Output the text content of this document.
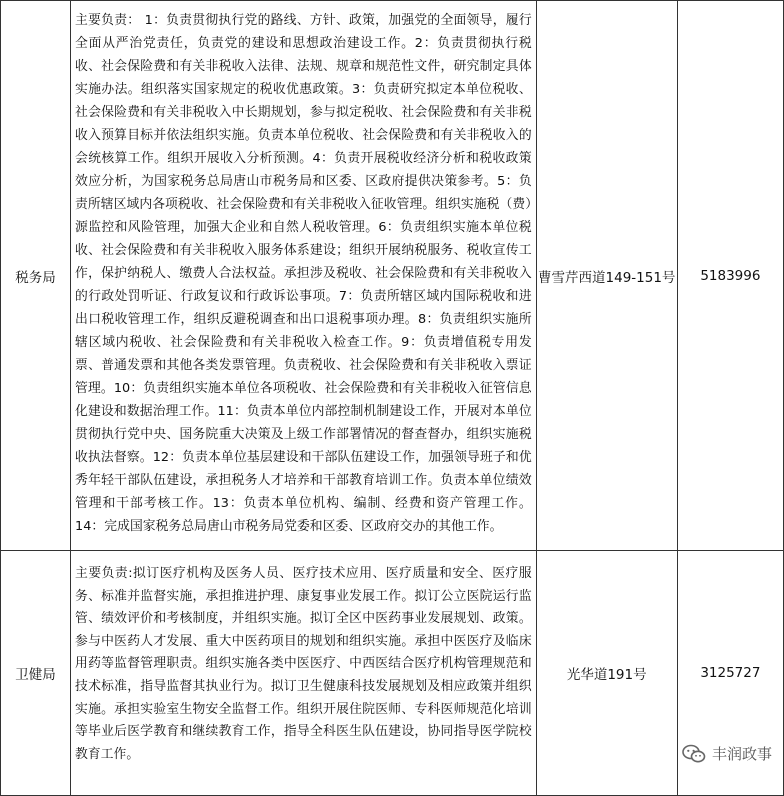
税务局	主要负责： 1：负责贯彻执行党的路线、方针、政策，加强党的全面领导，履行全面从严治党责任，负责党的建设和思想政治建设工作。2：负责贯彻执行税收、社会保险费和有关非税收入法律、法规、规章和规范性文件，研究制定具体实施办法。组织落实国家规定的税收优惠政策。3：负责研究拟定本单位税收、社会保险费和有关非税收入中长期规划，参与拟定税收、社会保险费和有关非税收入预算目标并依法组织实施。负责本单位税收、社会保险费和有关非税收入的会统核算工作。组织开展收入分析预测。4：负责开展税收经济分析和税收政策效应分析，为国家税务总局唐山市税务局和区委、区政府提供决策参考。5：负责所辖区域内各项税收、社会保险费和有关非税收入征收管理。组织实施税（费）源监控和风险管理，加强大企业和自然人税收管理。6：负责组织实施本单位税收、社会保险费和有关非税收入服务体系建设；组织开展纳税服务、税收宣传工作，保护纳税人、缴费人合法权益。承担涉及税收、社会保险费和有关非税收入的行政处罚听证、行政复议和行政诉讼事项。7：负责所辖区域内国际税收和进出口税收管理工作，组织反避税调查和出口退税事项办理。8：负责组织实施所辖区域内税收、社会保险费和有关非税收入检查工作。9：负责增值税专用发票、普通发票和其他各类发票管理。负责税收、社会保险费和有关非税收入票证管理。10：负责组织实施本单位各项税收、社会保险费和有关非税收入征管信息化建设和数据治理工作。11：负责本单位内部控制机制建设工作，开展对本单位贯彻执行党中央、国务院重大决策及上级工作部署情况的督查督办，组织实施税收执法督察。12：负责本单位基层建设和干部队伍建设工作，加强领导班子和优秀年轻干部队伍建设，承担税务人才培养和干部教育培训工作。负责本单位绩效管理和干部考核工作。13：负责本单位机构、编制、经费和资产管理工作。14：完成国家税务总局唐山市税务局党委和区委、区政府交办的其他工作。	曹雪芹西道149-151号	5183996
卫健局	主要负责:拟订医疗机构及医务人员、医疗技术应用、医疗质量和安全、医疗服务、标准并监督实施，承担推进护理、康复事业发展工作。拟订公立医院运行监管、绩效评价和考核制度，并组织实施。拟订全区中医药事业发展规划、政策。参与中医药人才发展、重大中医药项目的规划和组织实施。承担中医医疗及临床用药等监督管理职责。组织实施各类中医医疗、中西医结合医疗机构管理规范和技术标准，指导监督其执业行为。拟订卫生健康科技发展规划及相应政策并组织实施。承担实验室生物安全监督工作。组织开展住院医师、专科医师规范化培训等毕业后医学教育和继续教育工作，指导全科医生队伍建设，协同指导医学院校教育工作。	光华道191号	3125727
丰润政事
